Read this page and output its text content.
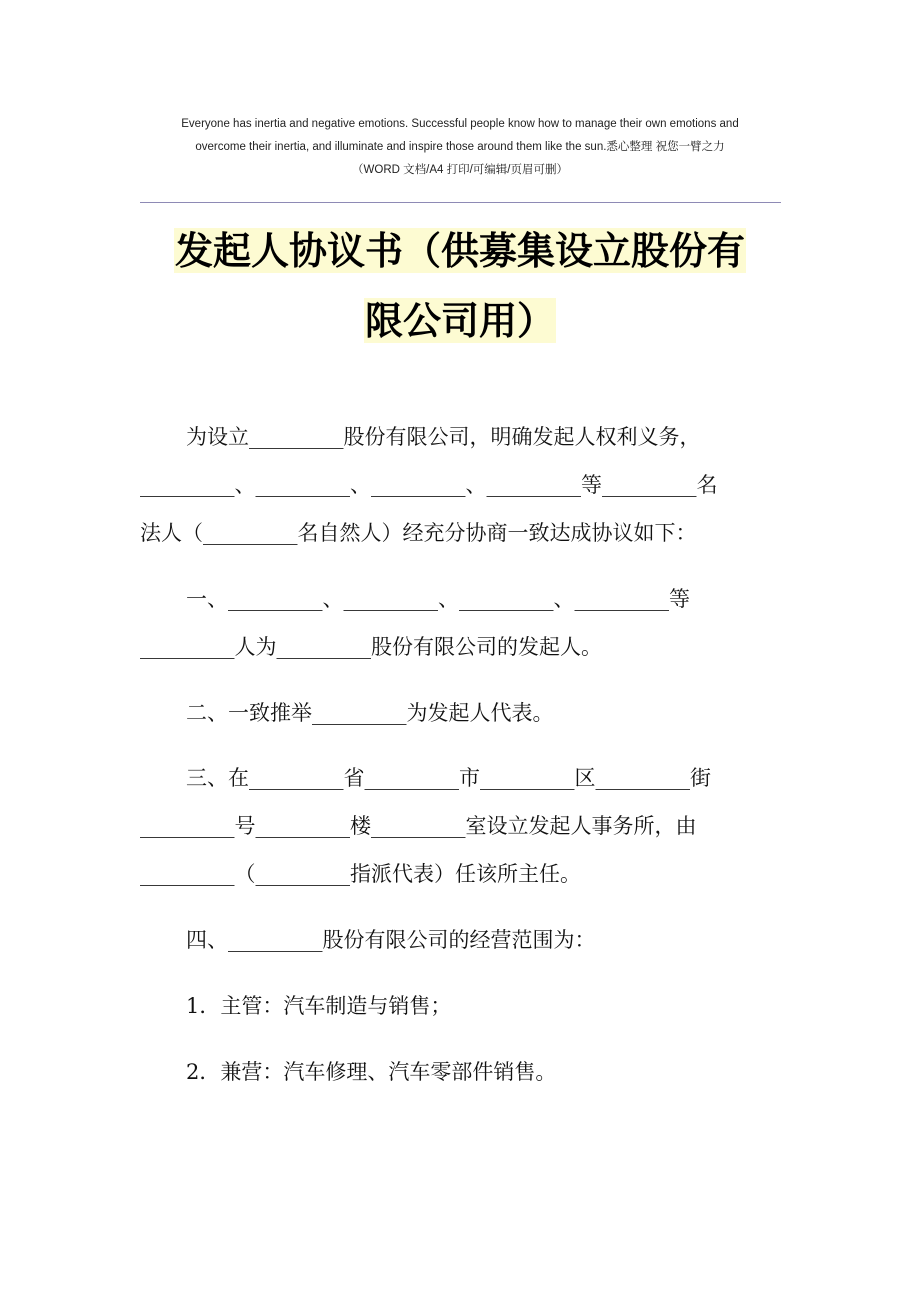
Everyone has inertia and negative emotions. Successful people know how to manage their own emotions and
overcome their inertia, and illuminate and inspire those around them like the sun.悉心整理 祝您一臂之力
（WORD 文档/A4 打印/可编辑/页眉可删）
发起人协议书（供募集设立股份有
限公司用）
为设立_________股份有限公司，明确发起人权利义务，
_________、_________、_________、_________等_________名
法人（_________名自然人）经充分协商一致达成协议如下：
一、_________、_________、_________、_________等
_________人为_________股份有限公司的发起人。
二、一致推举_________为发起人代表。
三、在_________省_________市_________区_________街
_________号_________楼_________室设立发起人事务所，由
_________（_________指派代表）任该所主任。
四、_________股份有限公司的经营范围为：
1．主管：汽车制造与销售；
2．兼营：汽车修理、汽车零部件销售。
